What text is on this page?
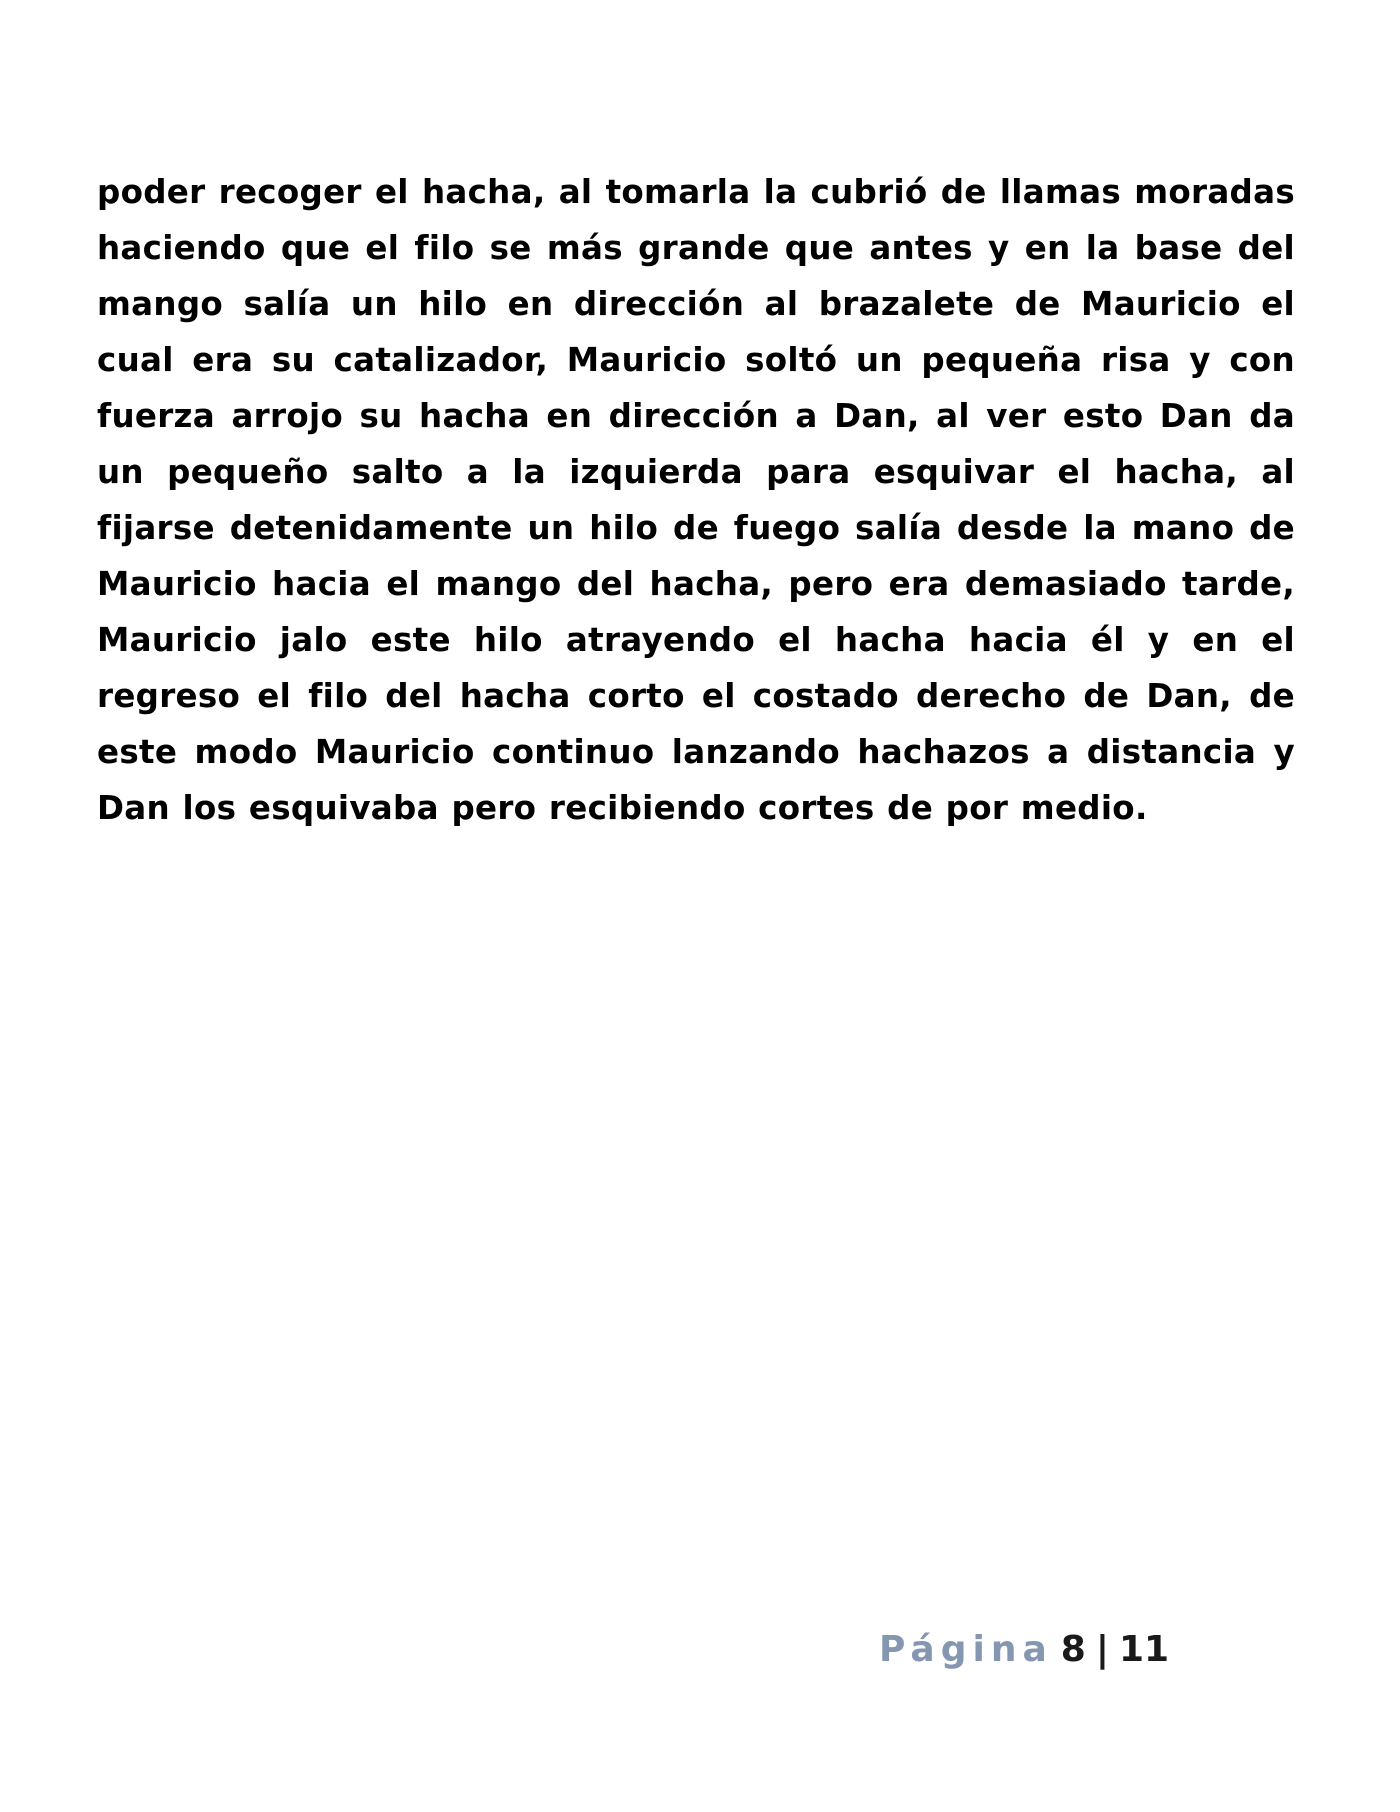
poder recoger el hacha, al tomarla la cubrió de llamas moradas haciendo que el filo se más grande que antes y en la base del mango salía un hilo en dirección al brazalete de Mauricio el cual era su catalizador, Mauricio soltó un pequeña risa y con fuerza arrojo su hacha en dirección a Dan, al ver esto Dan da un pequeño salto a la izquierda para esquivar el hacha, al fijarse detenidamente un hilo de fuego salía desde la mano de Mauricio hacia el mango del hacha, pero era demasiado tarde, Mauricio jalo este hilo atrayendo el hacha hacia él y en el regreso el filo del hacha corto el costado derecho de Dan, de este modo Mauricio continuo lanzando hachazos a distancia y Dan los esquivaba pero recibiendo cortes de por medio.

Página 8 | 11
